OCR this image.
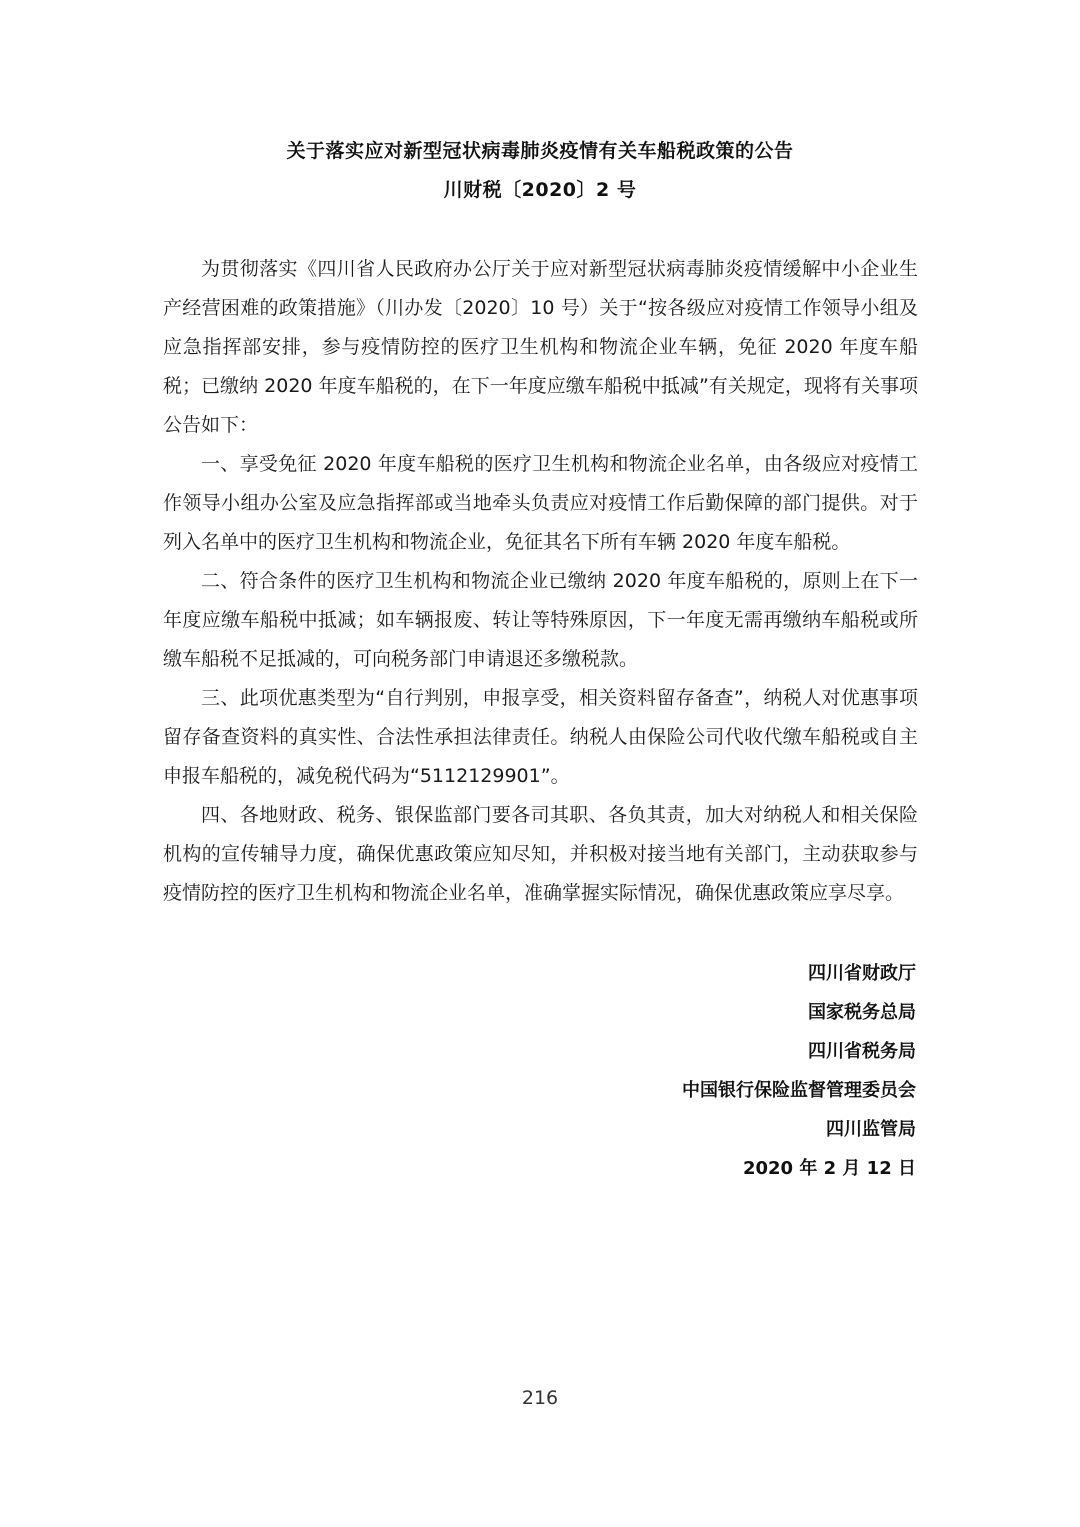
关于落实应对新型冠状病毒肺炎疫情有关车船税政策的公告
川财税〔2020〕2 号

为贯彻落实《四川省人民政府办公厅关于应对新型冠状病毒肺炎疫情缓解中小企业生产经营困难的政策措施》（川办发〔2020〕10 号）关于“按各级应对疫情工作领导小组及应急指挥部安排，参与疫情防控的医疗卫生机构和物流企业车辆，免征 2020 年度车船税；已缴纳 2020 年度车船税的，在下一年度应缴车船税中抵减”有关规定，现将有关事项公告如下：

一、享受免征 2020 年度车船税的医疗卫生机构和物流企业名单，由各级应对疫情工作领导小组办公室及应急指挥部或当地牵头负责应对疫情工作后勤保障的部门提供。对于列入名单中的医疗卫生机构和物流企业，免征其名下所有车辆 2020 年度车船税。

二、符合条件的医疗卫生机构和物流企业已缴纳 2020 年度车船税的，原则上在下一年度应缴车船税中抵减；如车辆报废、转让等特殊原因，下一年度无需再缴纳车船税或所缴车船税不足抵减的，可向税务部门申请退还多缴税款。

三、此项优惠类型为“自行判别，申报享受，相关资料留存备查”，纳税人对优惠事项留存备查资料的真实性、合法性承担法律责任。纳税人由保险公司代收代缴车船税或自主申报车船税的，减免税代码为“5112129901”。

四、各地财政、税务、银保监部门要各司其职、各负其责，加大对纳税人和相关保险机构的宣传辅导力度，确保优惠政策应知尽知，并积极对接当地有关部门，主动获取参与疫情防控的医疗卫生机构和物流企业名单，准确掌握实际情况，确保优惠政策应享尽享。

四川省财政厅
国家税务总局
四川省税务局
中国银行保险监督管理委员会
四川监管局
2020 年 2 月 12 日
216
